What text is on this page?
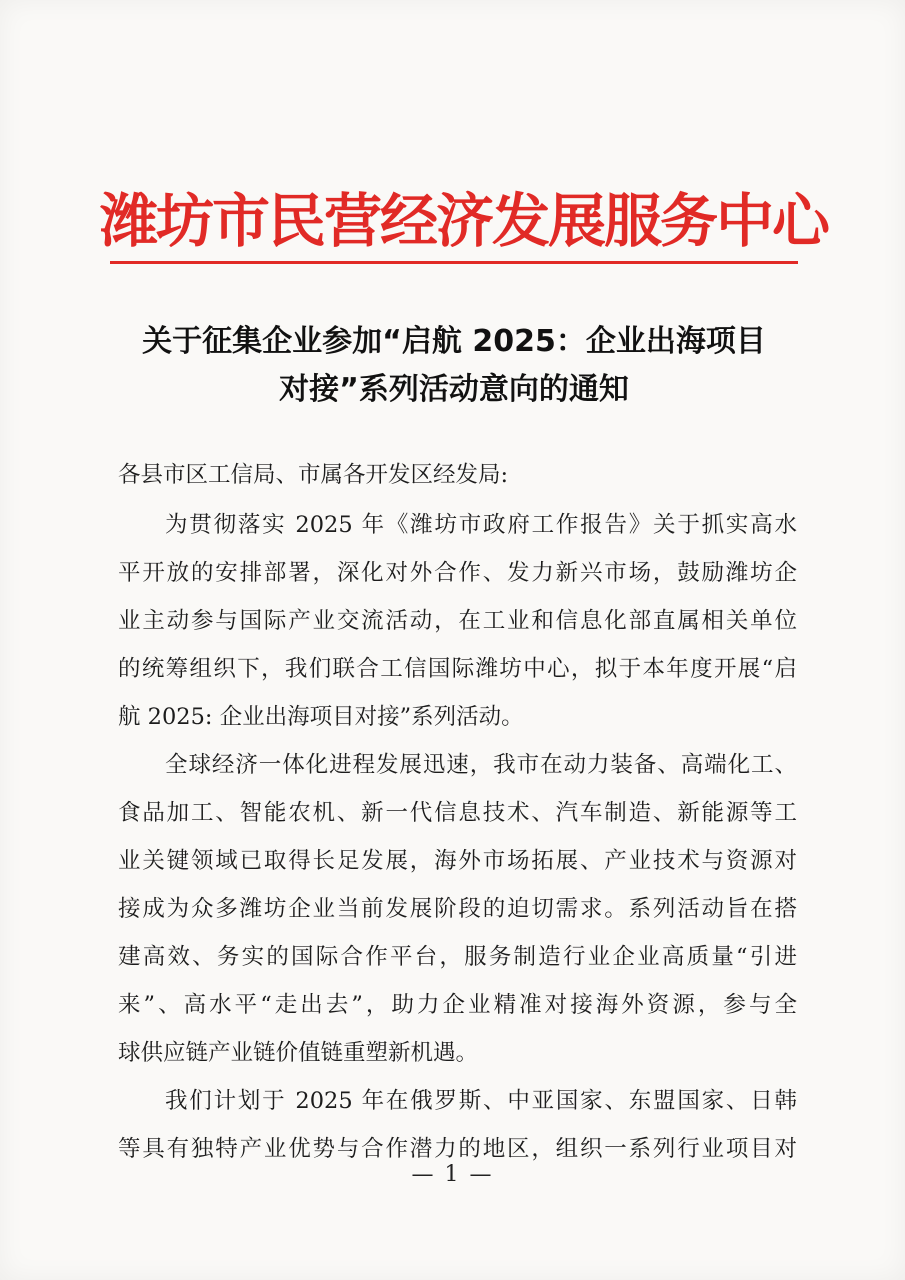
潍坊市民营经济发展服务中心
关于征集企业参加“启航 2025：企业出海项目
对接”系列活动意向的通知
各县市区工信局、市属各开发区经发局:
为贯彻落实 2025 年《潍坊市政府工作报告》关于抓实高水
平开放的安排部署，深化对外合作、发力新兴市场，鼓励潍坊企
业主动参与国际产业交流活动，在工业和信息化部直属相关单位
的统筹组织下，我们联合工信国际潍坊中心，拟于本年度开展“启
航 2025: 企业出海项目对接”系列活动。
全球经济一体化进程发展迅速，我市在动力装备、高端化工、
食品加工、智能农机、新一代信息技术、汽车制造、新能源等工
业关键领域已取得长足发展，海外市场拓展、产业技术与资源对
接成为众多潍坊企业当前发展阶段的迫切需求。系列活动旨在搭
建高效、务实的国际合作平台，服务制造行业企业高质量“引进
来”、高水平“走出去”，助力企业精准对接海外资源，参与全
球供应链产业链价值链重塑新机遇。
我们计划于 2025 年在俄罗斯、中亚国家、东盟国家、日韩
等具有独特产业优势与合作潜力的地区，组织一系列行业项目对
— 1 —
